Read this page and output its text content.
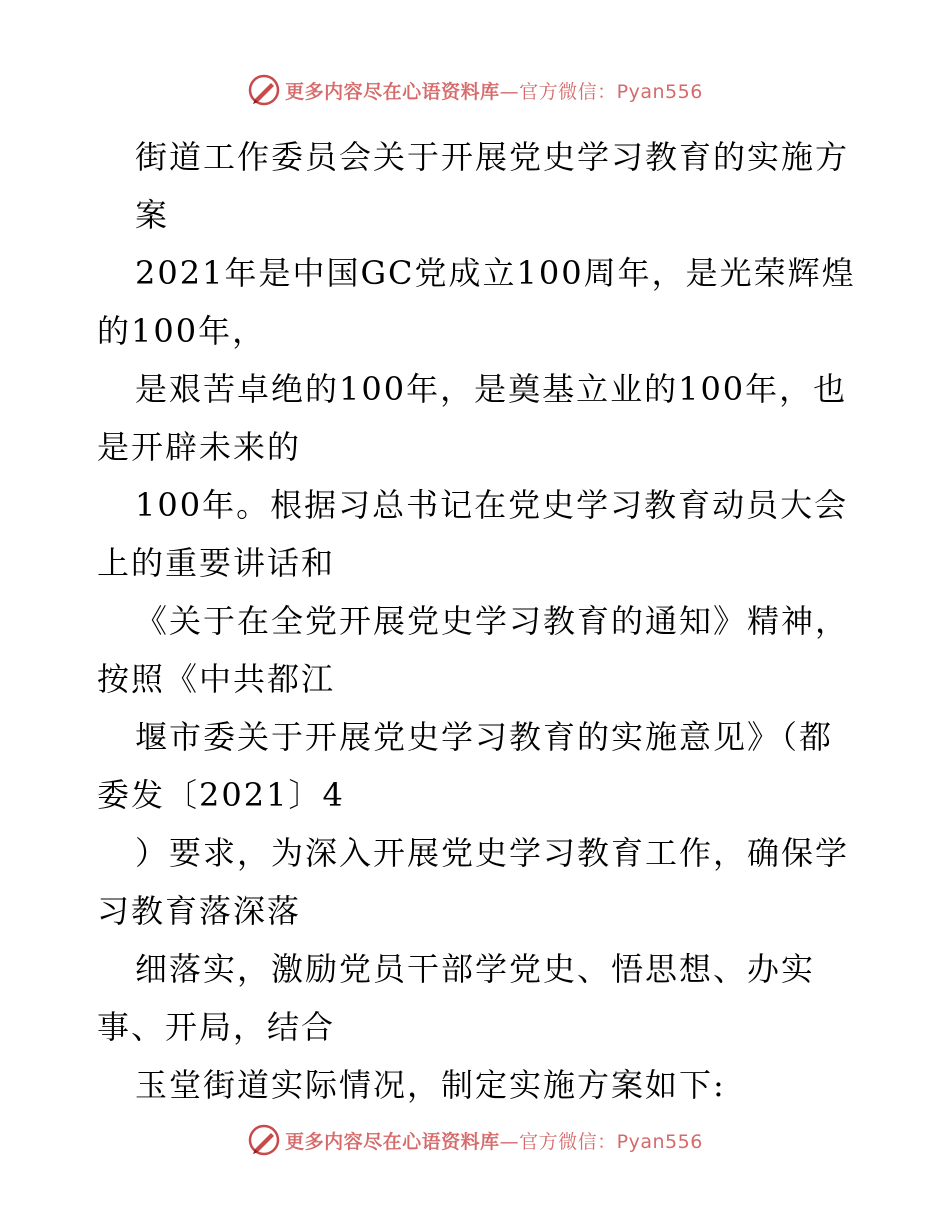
更多内容尽在心语资料库—官方微信：Pyan556
街道工作委员会关于开展党史学习教育的实施方
案
2021年是中国GC党成立100周年，是光荣辉煌
的100年，
是艰苦卓绝的100年，是奠基立业的100年，也
是开辟未来的
100年。根据习总书记在党史学习教育动员大会
上的重要讲话和
《关于在全党开展党史学习教育的通知》精神，
按照《中共都江
堰市委关于开展党史学习教育的实施意见》（都
委发〔2021〕4
）要求，为深入开展党史学习教育工作，确保学
习教育落深落
细落实，激励党员干部学党史、悟思想、办实
事、开局，结合
玉堂街道实际情况，制定实施方案如下:
更多内容尽在心语资料库—官方微信：Pyan556
